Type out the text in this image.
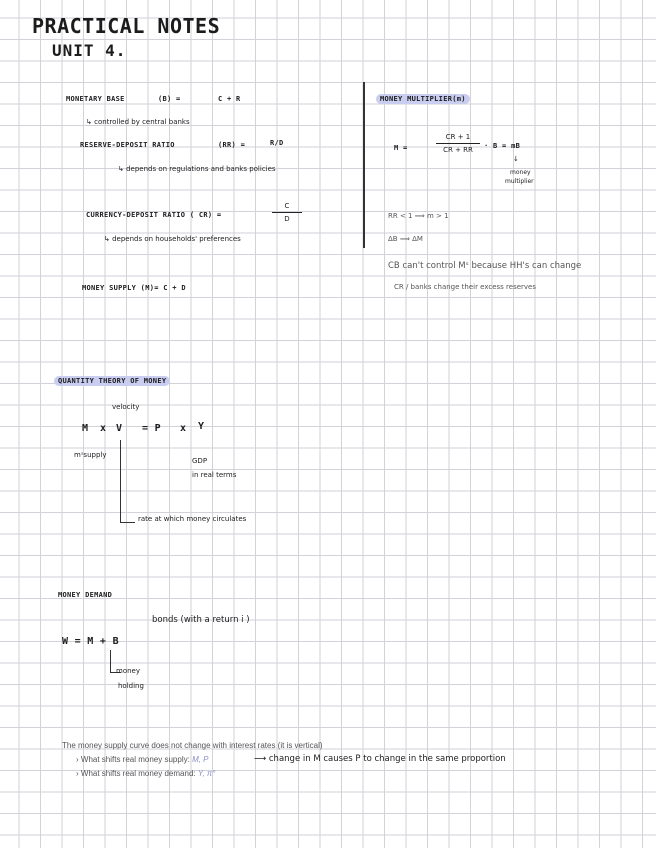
PRACTICAL NOTES
UNIT 4.
MONETARY BASE	(B) =	C + R
↳ controlled by central banks
RESERVE-DEPOSIT RATIO	(RR) =	R/D
↳ depends on regulations and banks policies
CURRENCY-DEPOSIT RATIO ( CR) =
C
D
↳ depends on households' preferences
MONEY SUPPLY (M)= C + D
MONEY MULTIPLIER(m)
M =
CR + 1
CR + RR	· B = mB
↓
money
multiplier
RR < 1 ⟹ m > 1
ΔB ⟹ ΔM
CB can't control Mˢ because HH's can change
CR / banks change their excess reserves
QUANTITY THEORY OF MONEY
velocity
M x V = P x Y
mˢsupply
GDP
in real terms
rate at which money circulates
MONEY DEMAND
W = M + B
bonds (with a return i )
money
holding
The money supply curve does not change with interest rates (it is vertical)
› What shifts real money supply: M, P	⟶ change in M causes P to change in the same proportion
› What shifts real money demand: Y, π°
